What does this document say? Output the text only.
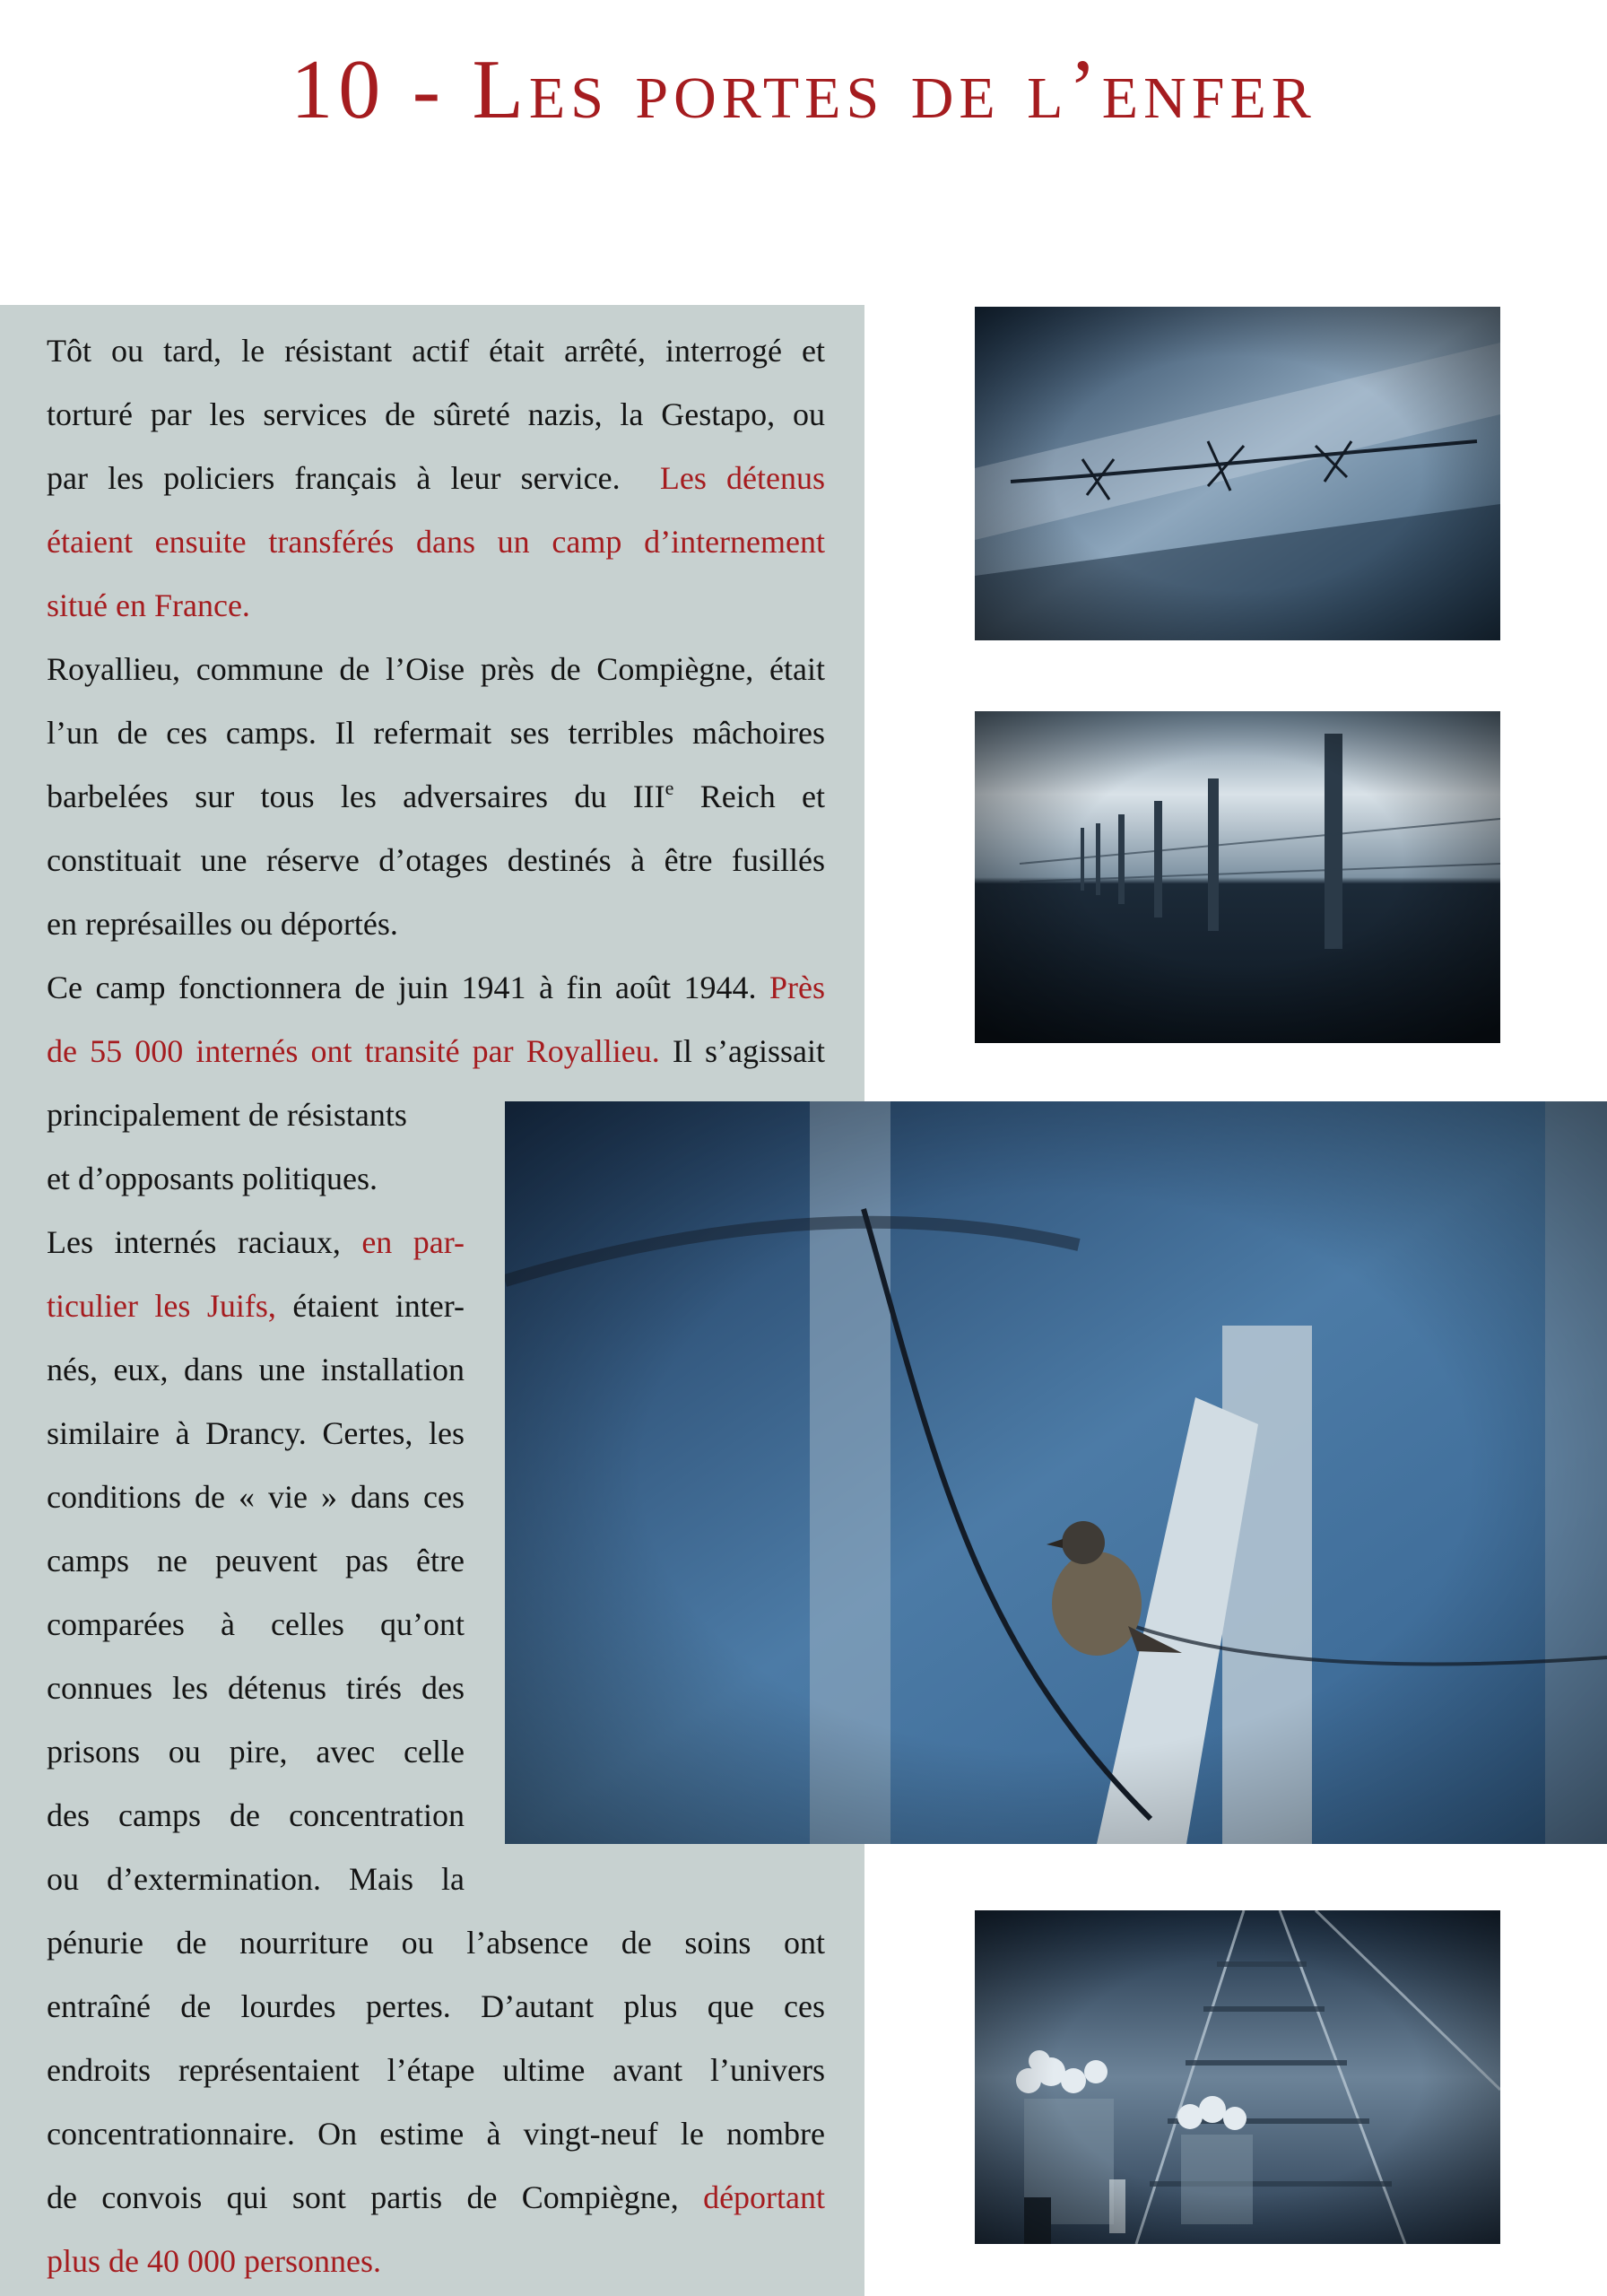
10 - Les portes de l’enfer

Tôt ou tard, le résistant actif était arrêté, interrogé et

torturé par les services de sûreté nazis, la Gestapo, ou

par les policiers français à leur service. Les détenus

étaient ensuite transférés dans un camp d’internement

situé en France.

Royallieu, commune de l’Oise près de Compiègne, était

l’un de ces camps. Il refermait ses terribles mâchoires

barbelées sur tous les adversaires du IIIe Reich et

constituait une réserve d’otages destinés à être fusillés

en représailles ou déportés.

Ce camp fonctionnera de juin 1941 à fin août 1944. Près

de 55 000 internés ont transité par Royallieu. Il s’agissait

principalement de résistants

et d’opposants politiques.

Les internés raciaux, en par-

ticulier les Juifs, étaient inter-

nés, eux, dans une installation

similaire à Drancy. Certes, les

conditions de « vie » dans ces

camps ne peuvent pas être

comparées à celles qu’ont

connues les détenus tirés des

prisons ou pire, avec celle

des camps de concentration

ou d’extermination. Mais la

pénurie de nourriture ou l’absence de soins ont

entraîné de lourdes pertes. D’autant plus que ces

endroits représentaient l’étape ultime avant l’univers

concentrationnaire. On estime à vingt-neuf le nombre

de convois qui sont partis de Compiègne, déportant

plus de 40 000 personnes.
